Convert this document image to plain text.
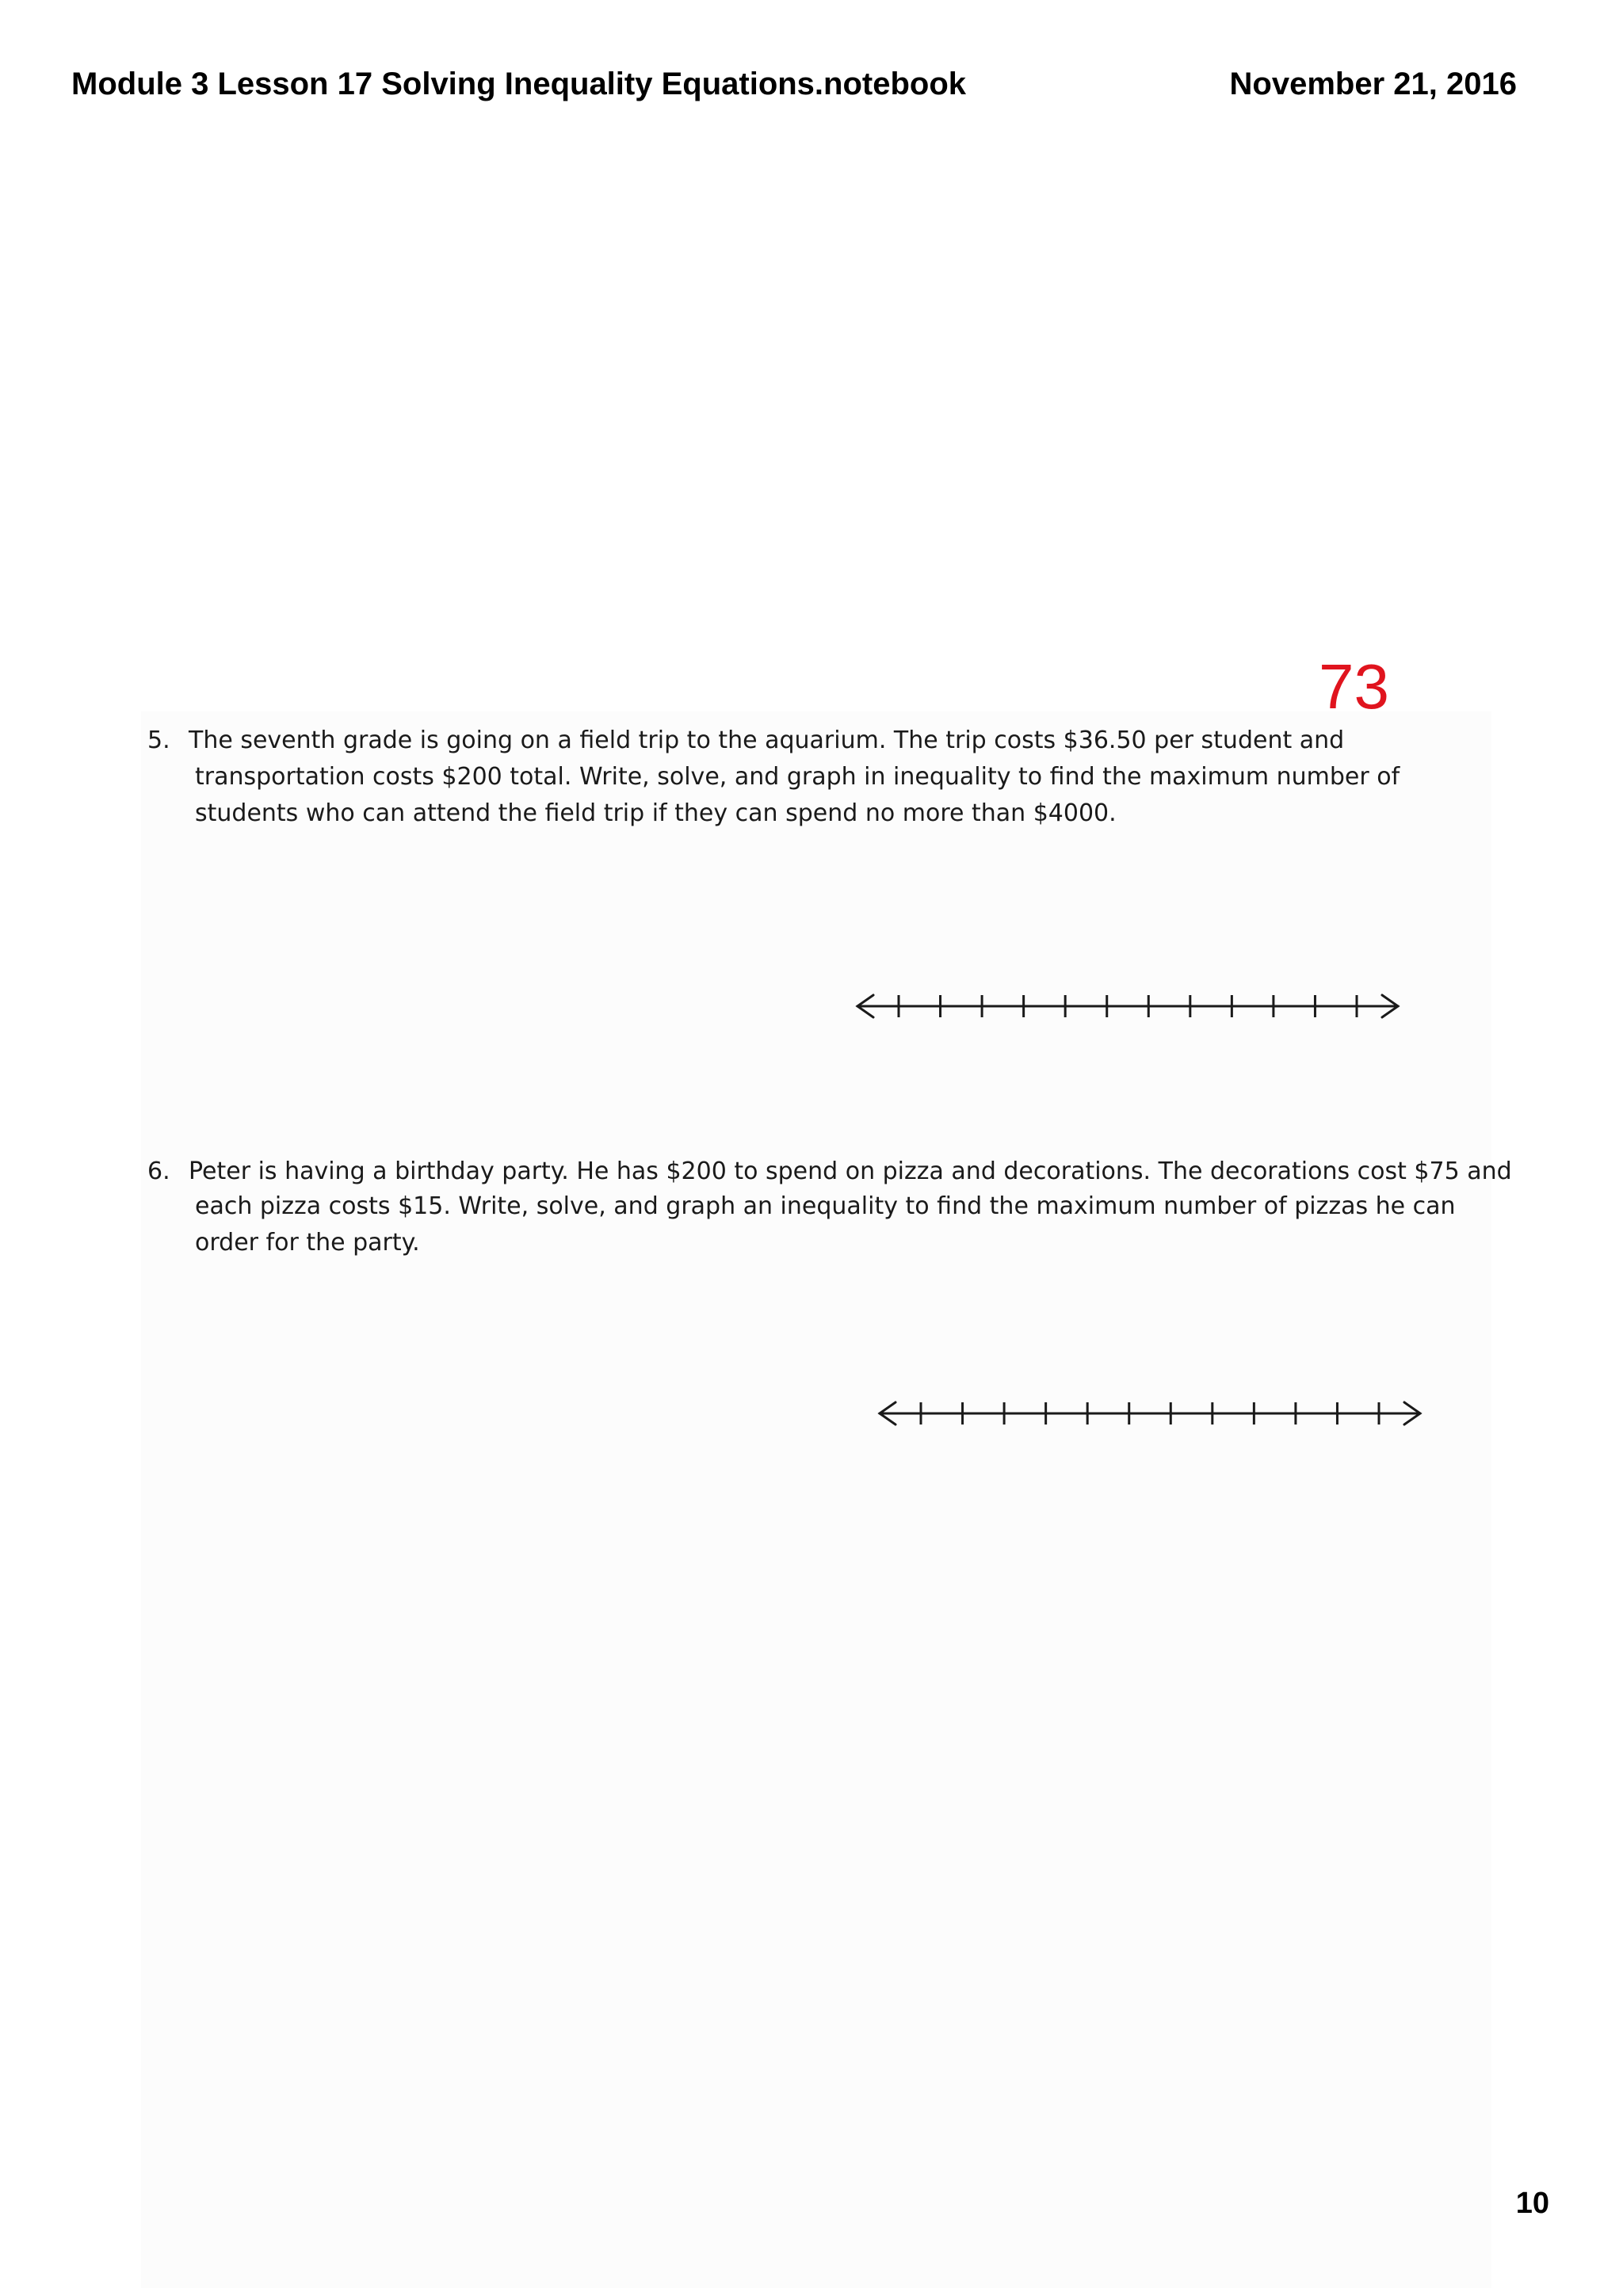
Module 3 Lesson 17 Solving Inequality Equations.notebook	November 21, 2016
73
5. The seventh grade is going on a field trip to the aquarium. The trip costs $36.50 per student and
transportation costs $200 total. Write, solve, and graph in inequality to find the maximum number of
students who can attend the field trip if they can spend no more than $4000.
6. Peter is having a birthday party. He has $200 to spend on pizza and decorations. The decorations cost $75 and
each pizza costs $15. Write, solve, and graph an inequality to find the maximum number of pizzas he can
order for the party.
10
